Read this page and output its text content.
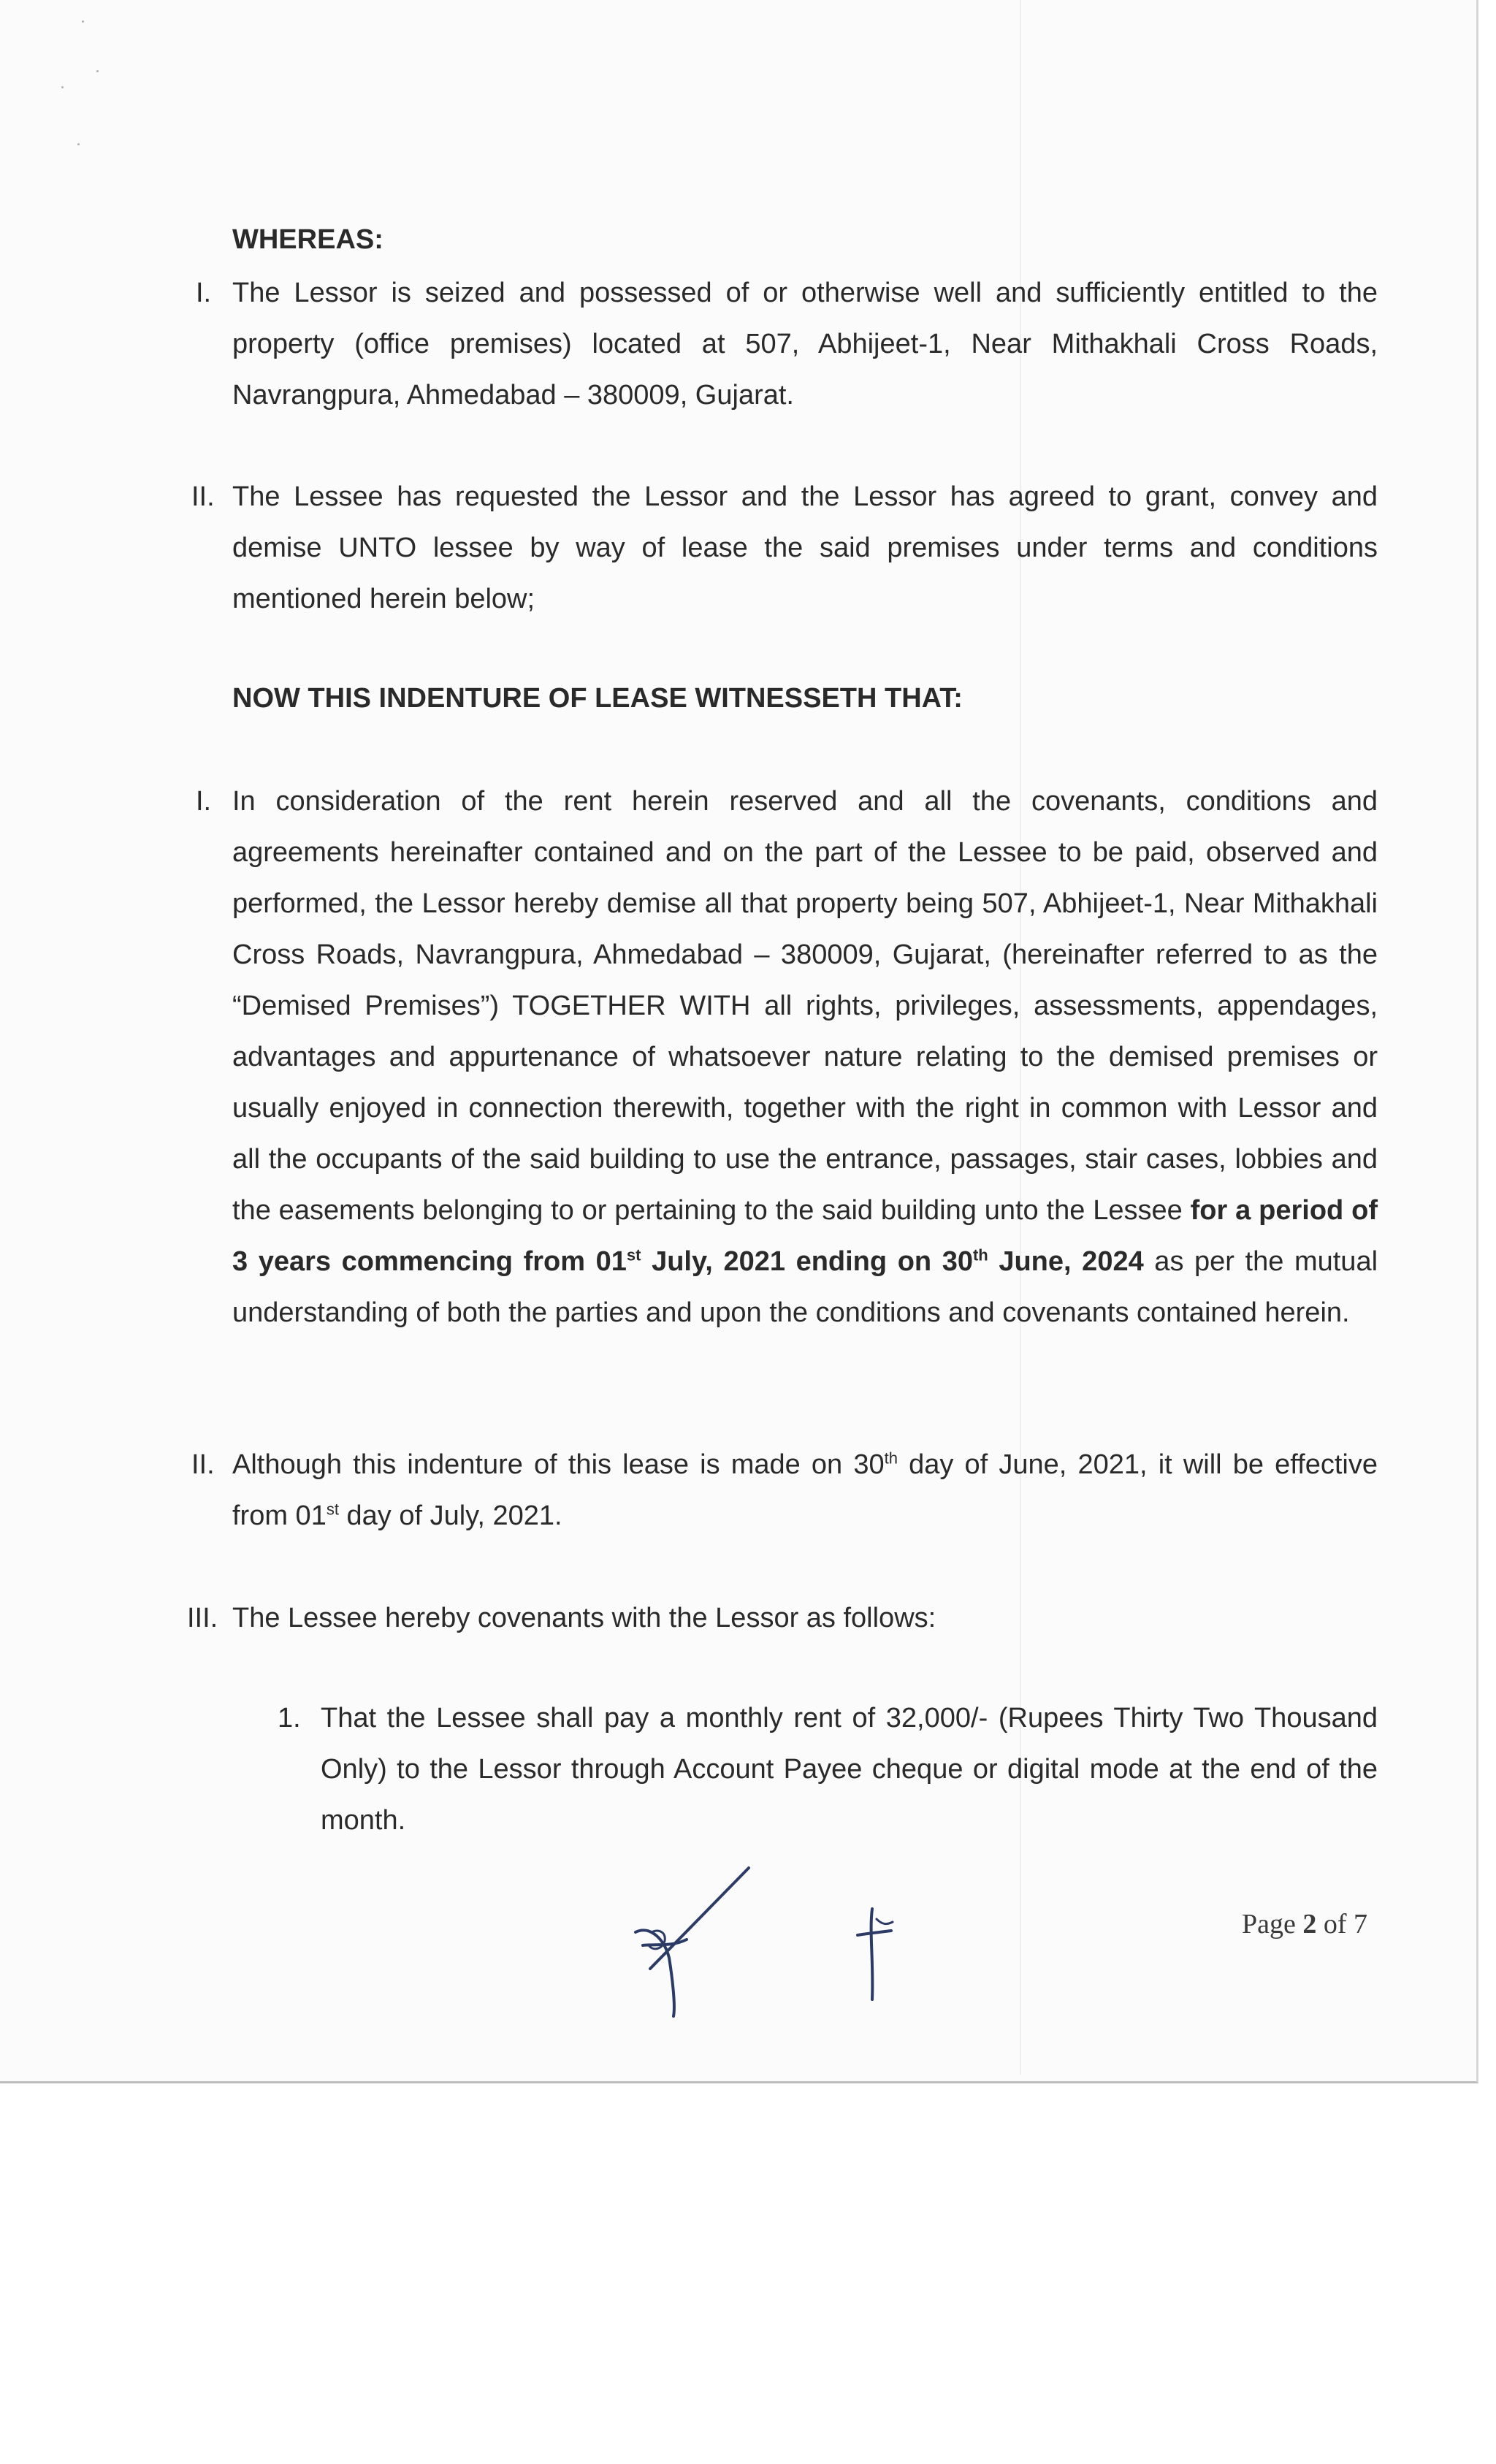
WHEREAS:
I. The Lessor is seized and possessed of or otherwise well and sufficiently entitled to the property (office premises) located at 507, Abhijeet-1, Near Mithakhali Cross Roads, Navrangpura, Ahmedabad – 380009, Gujarat.
II. The Lessee has requested the Lessor and the Lessor has agreed to grant, convey and demise UNTO lessee by way of lease the said premises under terms and conditions mentioned herein below;
NOW THIS INDENTURE OF LEASE WITNESSETH THAT:
I. In consideration of the rent herein reserved and all the covenants, conditions and agreements hereinafter contained and on the part of the Lessee to be paid, observed and performed, the Lessor hereby demise all that property being 507, Abhijeet-1, Near Mithakhali Cross Roads, Navrangpura, Ahmedabad – 380009, Gujarat, (hereinafter referred to as the “Demised Premises”) TOGETHER WITH all rights, privileges, assessments, appendages, advantages and appurtenance of whatsoever nature relating to the demised premises or usually enjoyed in connection therewith, together with the right in common with Lessor and all the occupants of the said building to use the entrance, passages, stair cases, lobbies and the easements belonging to or pertaining to the said building unto the Lessee for a period of 3 years commencing from 01st July, 2021 ending on 30th June, 2024 as per the mutual understanding of both the parties and upon the conditions and covenants contained herein.
II. Although this indenture of this lease is made on 30th day of June, 2021, it will be effective from 01st day of July, 2021.
III. The Lessee hereby covenants with the Lessor as follows:
1. That the Lessee shall pay a monthly rent of 32,000/- (Rupees Thirty Two Thousand Only) to the Lessor through Account Payee cheque or digital mode at the end of the month.
Page 2 of 7
